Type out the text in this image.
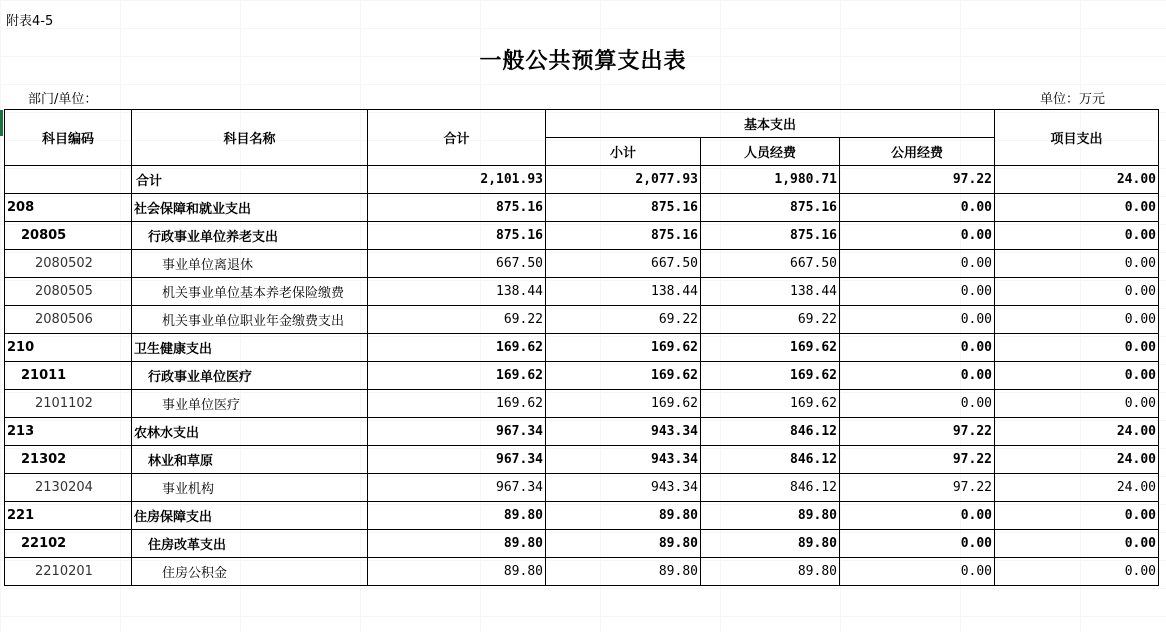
附表4-5
一般公共预算支出表
部门/单位：	单位：万元
科目编码	科目名称	合计	基本支出			项目支出
			小计	人员经费	公用经费	
	合计	2,101.93	2,077.93	1,980.71	97.22	24.00
208	社会保障和就业支出	875.16	875.16	875.16	0.00	0.00
20805	行政事业单位养老支出	875.16	875.16	875.16	0.00	0.00
2080502	事业单位离退休	667.50	667.50	667.50	0.00	0.00
2080505	机关事业单位基本养老保险缴费	138.44	138.44	138.44	0.00	0.00
2080506	机关事业单位职业年金缴费支出	69.22	69.22	69.22	0.00	0.00
210	卫生健康支出	169.62	169.62	169.62	0.00	0.00
21011	行政事业单位医疗	169.62	169.62	169.62	0.00	0.00
2101102	事业单位医疗	169.62	169.62	169.62	0.00	0.00
213	农林水支出	967.34	943.34	846.12	97.22	24.00
21302	林业和草原	967.34	943.34	846.12	97.22	24.00
2130204	事业机构	967.34	943.34	846.12	97.22	24.00
221	住房保障支出	89.80	89.80	89.80	0.00	0.00
22102	住房改革支出	89.80	89.80	89.80	0.00	0.00
2210201	住房公积金	89.80	89.80	89.80	0.00	0.00
